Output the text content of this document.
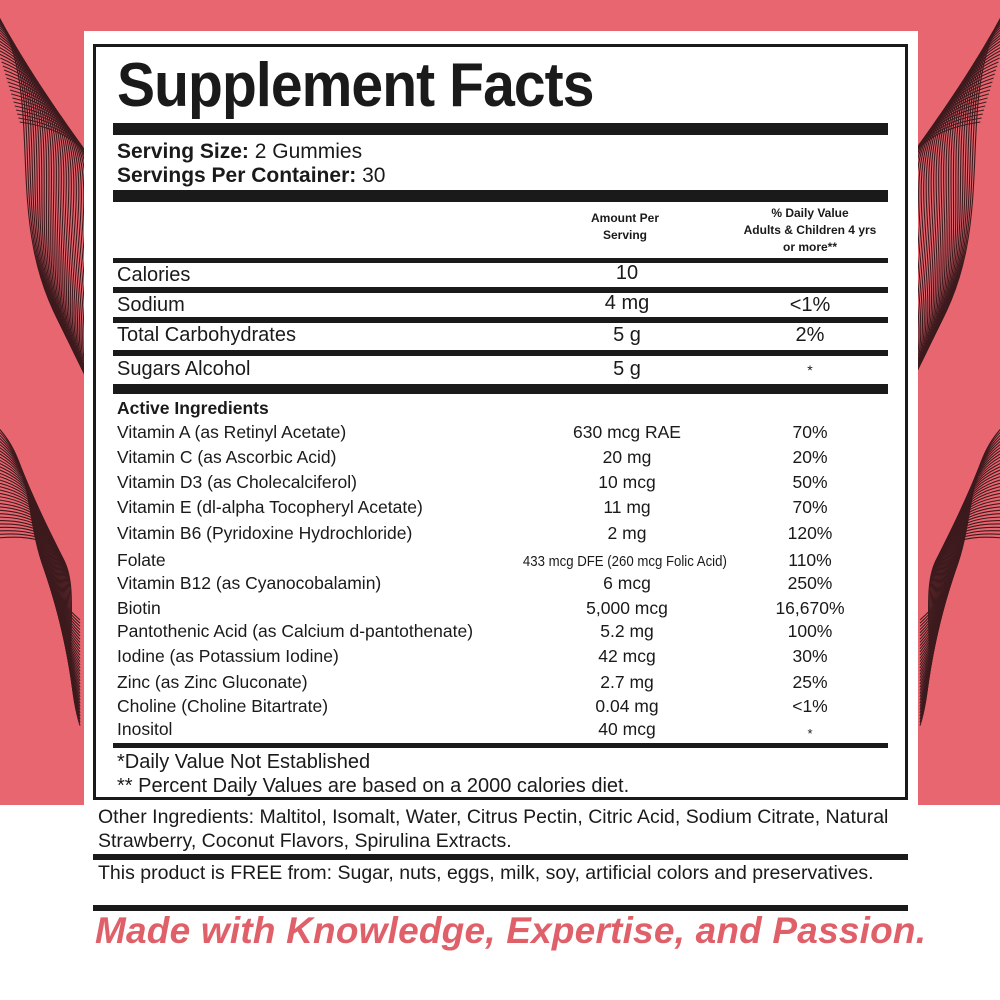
Supplement Facts
Serving Size: 2 Gummies
Servings Per Container: 30
Amount Per
Serving
% Daily Value
Adults & Children 4 yrs
or more**
Calories	10
Sodium	4 mg	<1%
Total Carbohydrates	5 g	2%
Sugars Alcohol	5 g	*
Active Ingredients
Vitamin A (as Retinyl Acetate)	630 mcg RAE	70%
Vitamin C (as Ascorbic Acid)	20 mg	20%
Vitamin D3 (as Cholecalciferol)	10 mcg	50%
Vitamin E (dl-alpha Tocopheryl Acetate)	11 mg	70%
Vitamin B6 (Pyridoxine Hydrochloride)	2 mg	120%
Folate	433 mcg DFE (260 mcg Folic Acid)	110%
Vitamin B12 (as Cyanocobalamin)	6 mcg	250%
Biotin	5,000 mcg	16,670%
Pantothenic Acid (as Calcium d-pantothenate)	5.2 mg	100%
Iodine (as Potassium Iodine)	42 mcg	30%
Zinc (as Zinc Gluconate)	2.7 mg	25%
Choline (Choline Bitartrate)	0.04 mg	<1%
Inositol	40 mcg	*
*Daily Value Not Established
** Percent Daily Values are based on a 2000 calories diet.
Other Ingredients: Maltitol, Isomalt, Water, Citrus Pectin, Citric Acid, Sodium Citrate, Natural Strawberry, Coconut Flavors, Spirulina Extracts.
This product is FREE from: Sugar, nuts, eggs, milk, soy, artificial colors and preservatives.
Made with Knowledge, Expertise, and Passion.
